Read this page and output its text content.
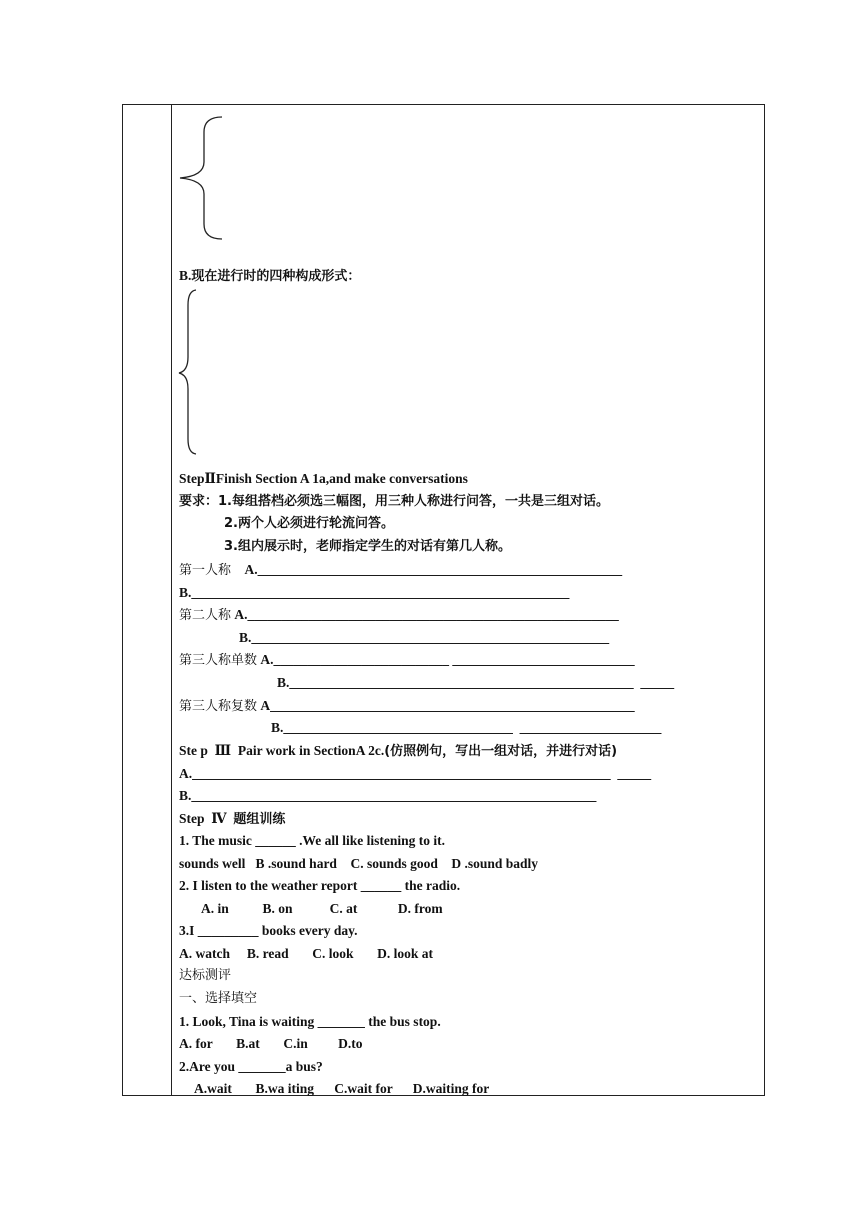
B.现在进行时的四种构成形式：
StepⅡFinish Section A 1a,and make conversations
要求：1.每组搭档必须选三幅图，用三种人称进行问答，一共是三组对话。
2.两个人必须进行轮流问答。
3.组内展示时，老师指定学生的对话有第几人称。
第一人称 A.______________________________________________________
B.________________________________________________________
第二人称 A._______________________________________________________
B._____________________________________________________
第三人称单数 A.__________________________ ___________________________
B.___________________________________________________  _____
第三人称复数 A______________________________________________________
B.__________________________________  _____________________
Ste p  Ⅲ  Pair work in SectionA 2c.(仿照例句，写出一组对话，并进行对话)
A.______________________________________________________________  _____
B.____________________________________________________________
Step  Ⅳ  题组训练
1. The music ______ .We all like listening to it.
sounds well   B .sound hard    C. sounds good    D .sound badly
2. I listen to the weather report ______ the radio.
A. in          B. on           C. at            D. from
3.I _________ books every day.
A. watch     B. read       C. look       D. look at
达标测评
一、选择填空
1. Look, Tina is waiting _______ the bus stop.
A. for       B.at       C.in         D.to
2.Are you _______a bus?
A.wait       B.wa iting      C.wait for      D.waiting for
